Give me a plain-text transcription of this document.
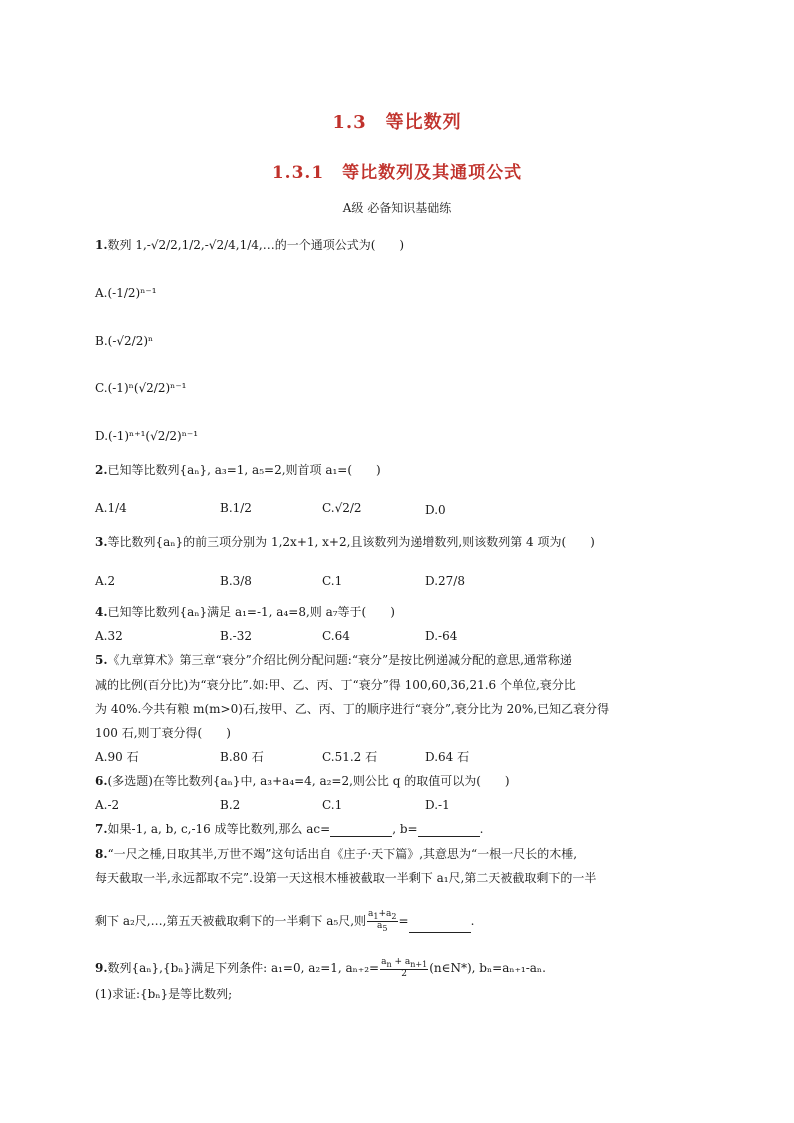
1.3　等比数列
1.3.1　等比数列及其通项公式
A级 必备知识基础练
1.数列 1,-√2/2,1/2,-√2/4,1/4,…的一个通项公式为(　　)
A.(-1/2)ⁿ⁻¹
B.(-√2/2)ⁿ
C.(-1)ⁿ(√2/2)ⁿ⁻¹
D.(-1)ⁿ⁺¹(√2/2)ⁿ⁻¹
2.已知等比数列{aₙ}, a₃=1, a₅=2,则首项 a₁=(　　)
A.1/4	B.1/2	C.√2/2	D.0
3.等比数列{aₙ}的前三项分别为 1,2x+1, x+2,且该数列为递增数列,则该数列第 4 项为(　　)
A.2	B.3/8	C.1	D.27/8
4.已知等比数列{aₙ}满足 a₁=-1, a₄=8,则 a₇等于(　　)
A.32	B.-32	C.64	D.-64
5.《九章算术》第三章“衰分”介绍比例分配问题:“衰分”是按比例递减分配的意思,通常称递
减的比例(百分比)为“衰分比”.如:甲、乙、丙、丁“衰分”得 100,60,36,21.6 个单位,衰分比
为 40%.今共有粮 m(m>0)石,按甲、乙、丙、丁的顺序进行“衰分”,衰分比为 20%,已知乙衰分得
100 石,则丁衰分得(　　)
A.90 石	B.80 石	C.51.2 石	D.64 石
6.(多选题)在等比数列{aₙ}中, a₃+a₄=4, a₂=2,则公比 q 的取值可以为(　　)
A.-2	B.2	C.1	D.-1
7.如果-1, a, b, c,-16 成等比数列,那么 ac=	, b=	.
8.“一尺之棰,日取其半,万世不竭”这句话出自《庄子·天下篇》,其意思为“一根一尺长的木棰,
每天截取一半,永远都取不完”.设第一天这根木棰被截取一半剩下 a₁尺,第二天被截取剩下的一半
剩下 a₂尺,…,第五天被截取剩下的一半剩下 a₅尺,则 $\frac{a_1+a_2}{a_5}$ =	.
9.数列{aₙ},{bₙ}满足下列条件: a₁=0, a₂=1, $a_{n+2}= \frac{a_n + a_{n+1}}{2}$ (n∈N*), bₙ=aₙ₊₁-aₙ.
(1)求证:{bₙ}是等比数列;
